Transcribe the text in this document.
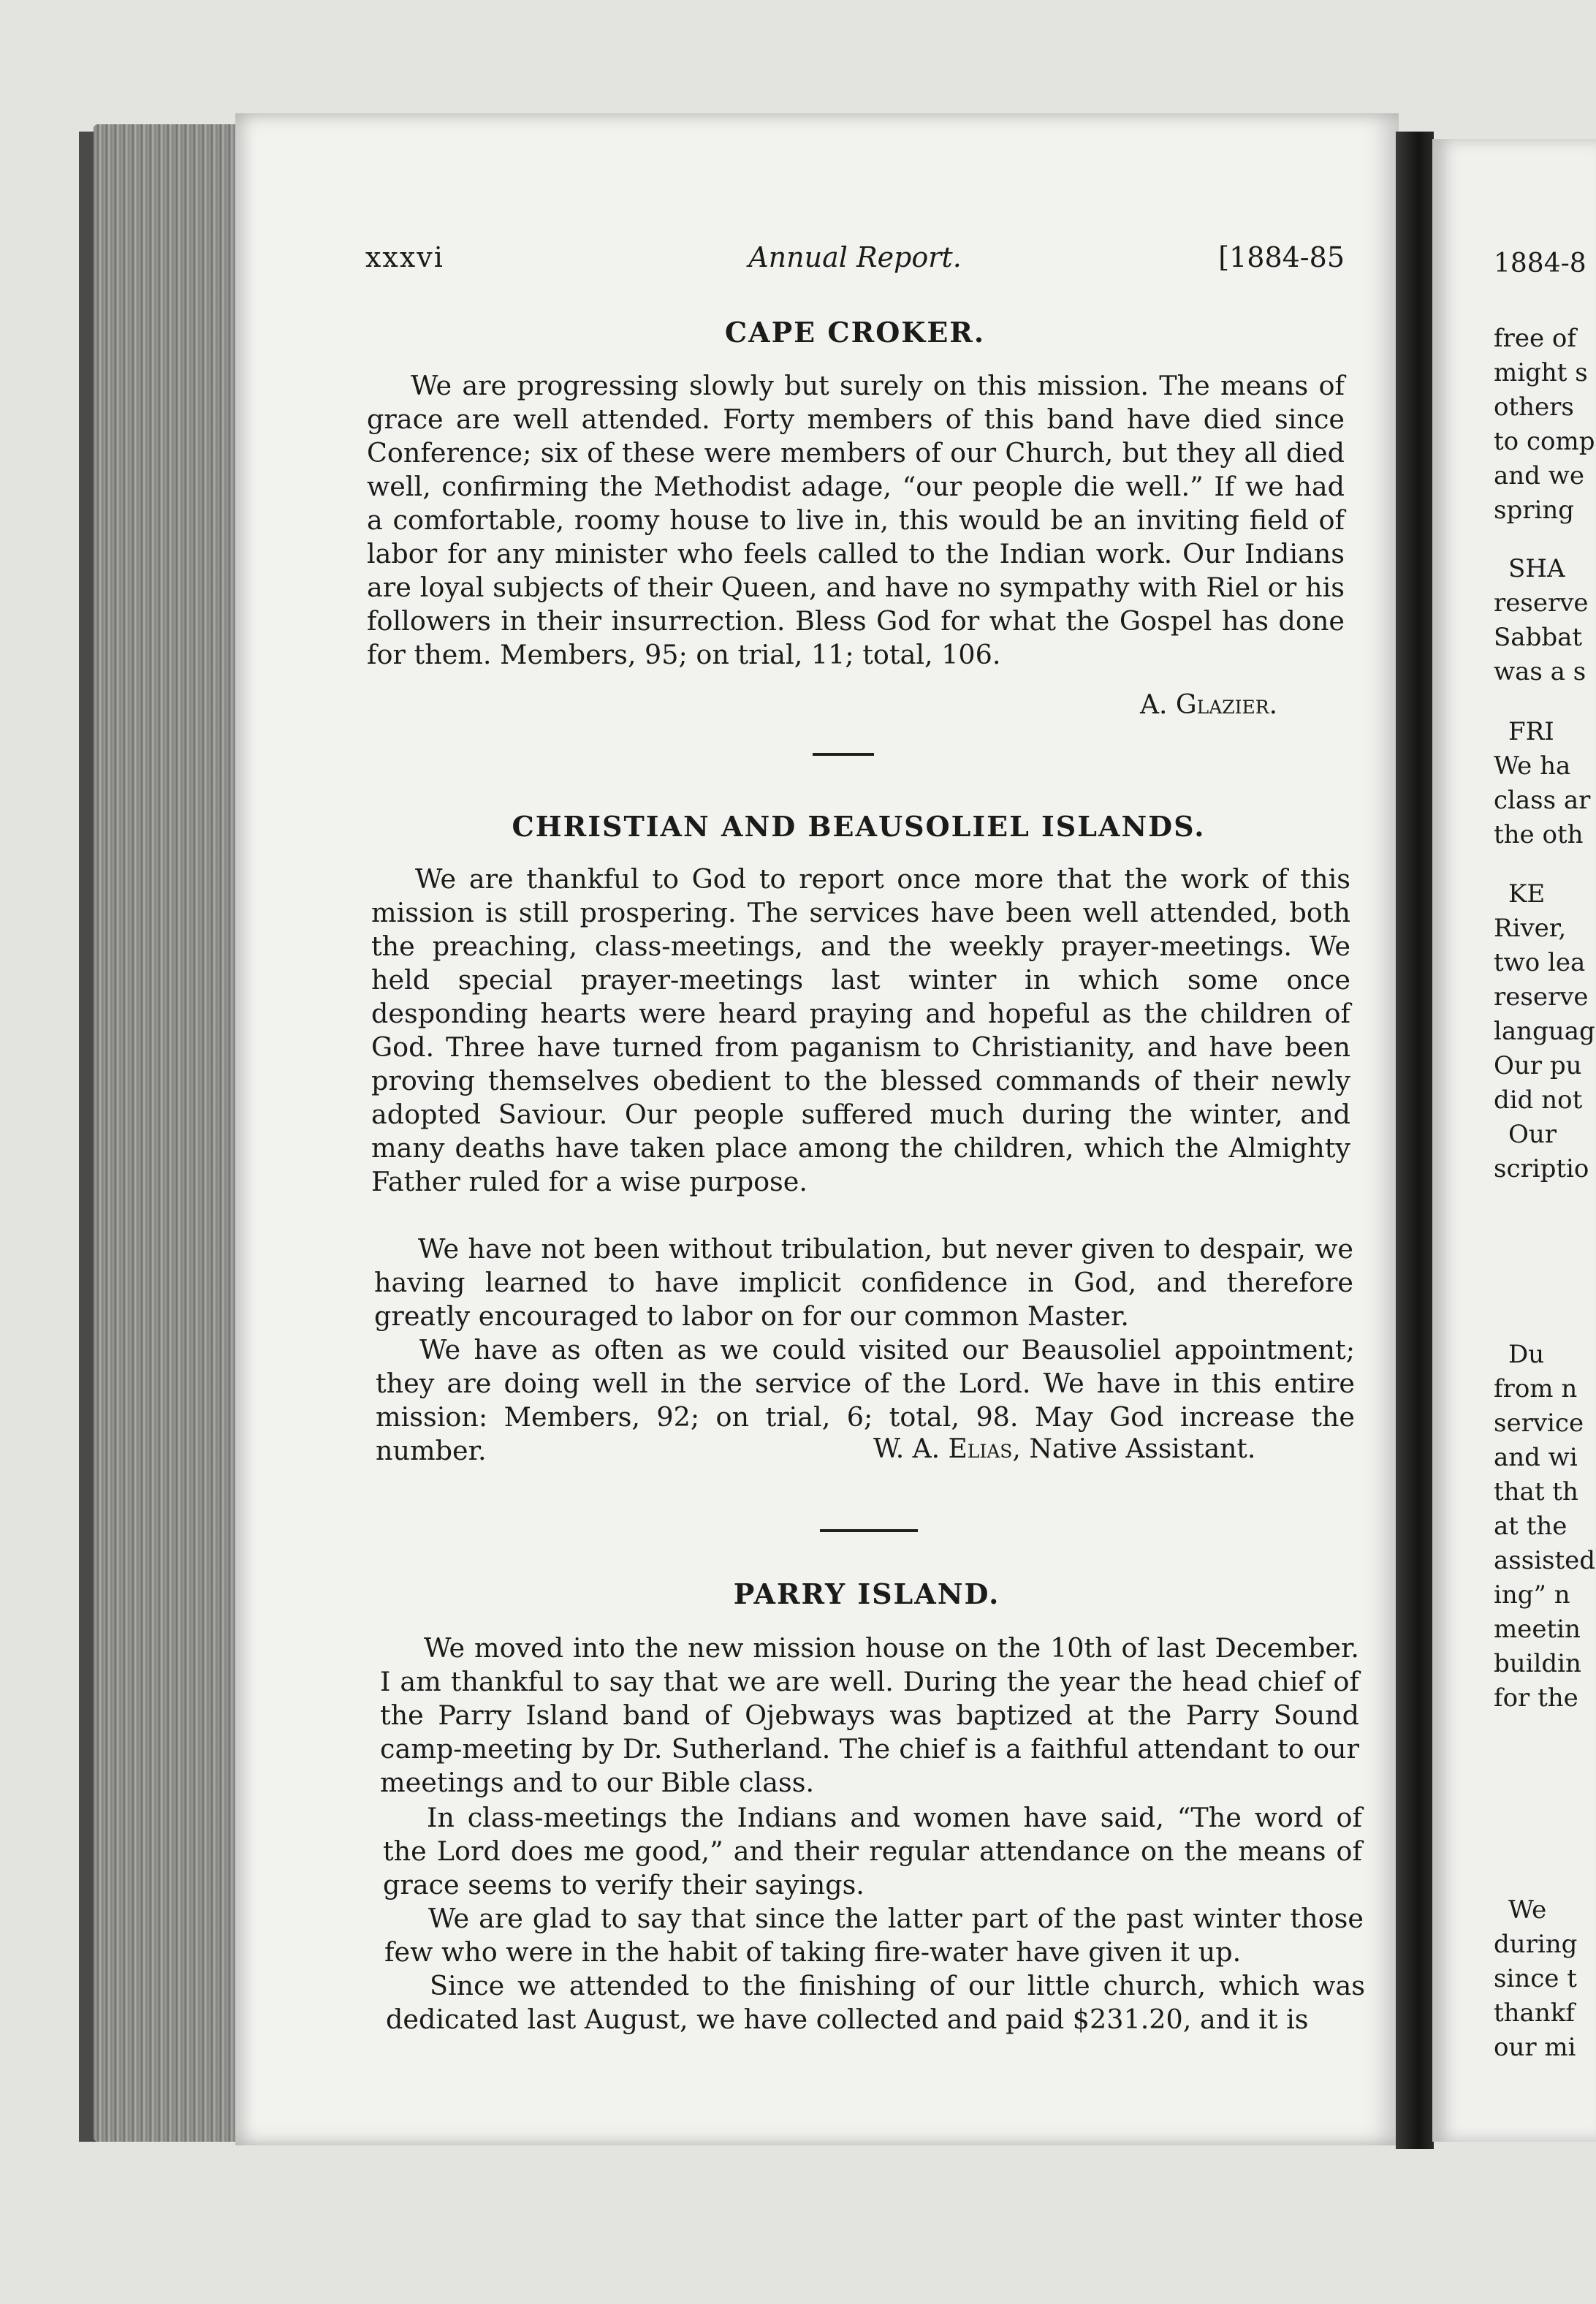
xxxvi	Annual Report.	[1884-85
CAPE CROKER.
We are progressing slowly but surely on this mission. The means of grace are well attended. Forty members of this band have died since Conference; six of these were members of our Church, but they all died well, confirming the Methodist adage, “our people die well.” If we had a comfortable, roomy house to live in, this would be an inviting field of labor for any minister who feels called to the Indian work. Our Indians are loyal subjects of their Queen, and have no sympathy with Riel or his followers in their insurrection. Bless God for what the Gospel has done for them. Members, 95; on trial, 11; total, 106.
A. Glazier.
CHRISTIAN AND BEAUSOLIEL ISLANDS.
We are thankful to God to report once more that the work of this mission is still prospering. The services have been well attended, both the preaching, class-meetings, and the weekly prayer-meetings. We held special prayer-meetings last winter in which some once desponding hearts were heard praying and hopeful as the children of God. Three have turned from paganism to Christianity, and have been proving themselves obedient to the blessed commands of their newly adopted Saviour. Our people suffered much during the winter, and many deaths have taken place among the children, which the Almighty Father ruled for a wise purpose.
We have not been without tribulation, but never given to despair, we having learned to have implicit confidence in God, and therefore greatly encouraged to labor on for our common Master.
We have as often as we could visited our Beausoliel appointment; they are doing well in the service of the Lord. We have in this entire mission: Members, 92; on trial, 6; total, 98. May God increase the number.	W. A. Elias, Native Assistant.
PARRY ISLAND.
We moved into the new mission house on the 10th of last December. I am thankful to say that we are well. During the year the head chief of the Parry Island band of Ojebways was baptized at the Parry Sound camp-meeting by Dr. Sutherland. The chief is a faithful attendant to our meetings and to our Bible class.
In class-meetings the Indians and women have said, “The word of the Lord does me good,” and their regular attendance on the means of grace seems to verify their sayings.
We are glad to say that since the latter part of the past winter those few who were in the habit of taking fire-water have given it up.
Since we attended to the finishing of our little church, which was dedicated last August, we have collected and paid $231.20, and it is
1884-8
free of
might s
others
to comp
and we
spring
SHA
reserve
Sabbat
was a s
FRI
We ha
class ar
the oth
KE
River,
two lea
reserve
languag
Our pu
did not
Our
scriptio
Du
from n
service
and wi
that th
at the
assisted
ing” n
meetin
buildin
for the
We
during
since t
thankf
our mi
